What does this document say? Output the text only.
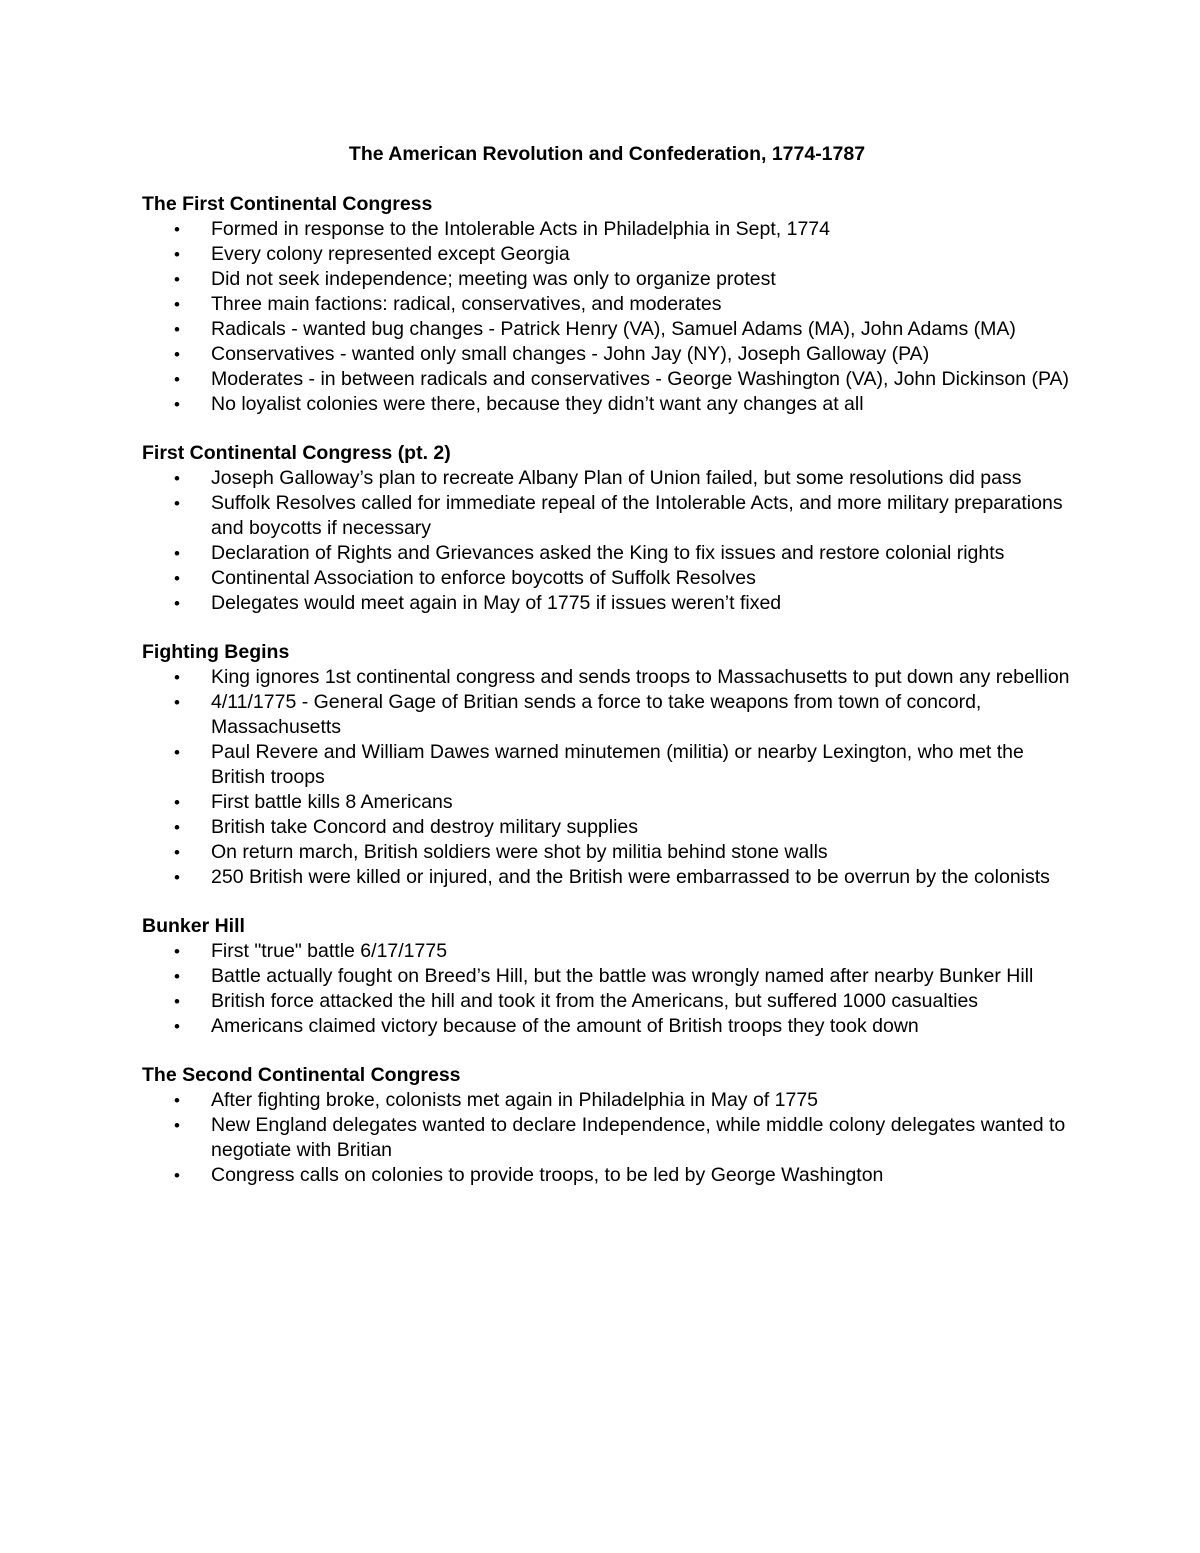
The American Revolution and Confederation, 1774-1787
The First Continental Congress
• Formed in response to the Intolerable Acts in Philadelphia in Sept, 1774
• Every colony represented except Georgia
• Did not seek independence; meeting was only to organize protest
• Three main factions: radical, conservatives, and moderates
• Radicals - wanted bug changes - Patrick Henry (VA), Samuel Adams (MA), John Adams (MA)
• Conservatives - wanted only small changes - John Jay (NY), Joseph Galloway (PA)
• Moderates - in between radicals and conservatives - George Washington (VA), John Dickinson (PA)
• No loyalist colonies were there, because they didn’t want any changes at all
First Continental Congress (pt. 2)
• Joseph Galloway’s plan to recreate Albany Plan of Union failed, but some resolutions did pass
• Suffolk Resolves called for immediate repeal of the Intolerable Acts, and more military preparations and boycotts if necessary
• Declaration of Rights and Grievances asked the King to fix issues and restore colonial rights
• Continental Association to enforce boycotts of Suffolk Resolves
• Delegates would meet again in May of 1775 if issues weren’t fixed
Fighting Begins
• King ignores 1st continental congress and sends troops to Massachusetts to put down any rebellion
• 4/11/1775 - General Gage of Britian sends a force to take weapons from town of concord, Massachusetts
• Paul Revere and William Dawes warned minutemen (militia) or nearby Lexington, who met the British troops
• First battle kills 8 Americans
• British take Concord and destroy military supplies
• On return march, British soldiers were shot by militia behind stone walls
• 250 British were killed or injured, and the British were embarrassed to be overrun by the colonists
Bunker Hill
• First "true" battle 6/17/1775
• Battle actually fought on Breed’s Hill, but the battle was wrongly named after nearby Bunker Hill
• British force attacked the hill and took it from the Americans, but suffered 1000 casualties
• Americans claimed victory because of the amount of British troops they took down
The Second Continental Congress
• After fighting broke, colonists met again in Philadelphia in May of 1775
• New England delegates wanted to declare Independence, while middle colony delegates wanted to negotiate with Britian
• Congress calls on colonies to provide troops, to be led by George Washington
